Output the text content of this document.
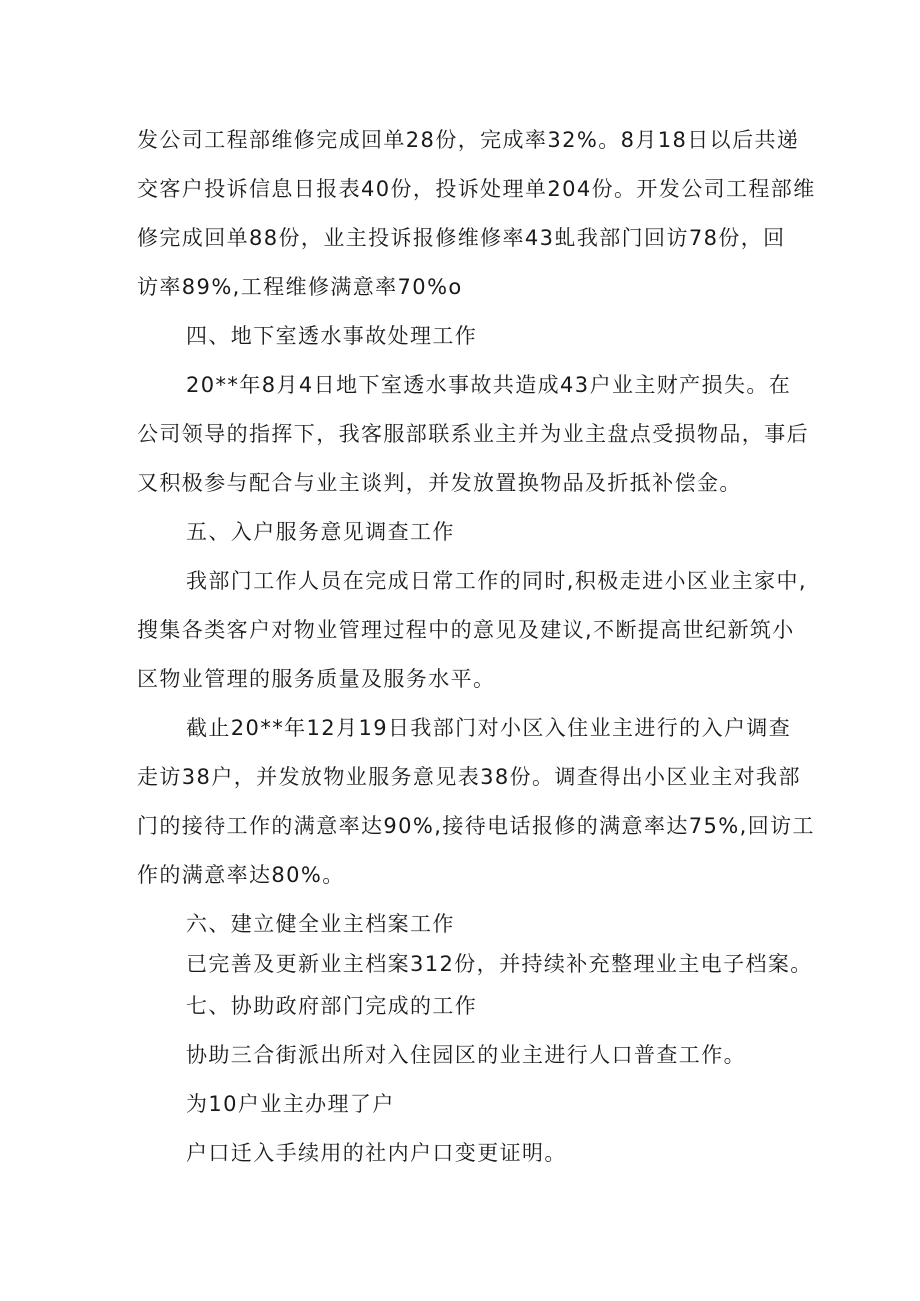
发公司工程部维修完成回单28份，完成率32%。8月18日以后共递
交客户投诉信息日报表40份，投诉处理单204份。开发公司工程部维
修完成回单88份，业主投诉报修维修率43虬我部门回访78份，回
访率89%,工程维修满意率70%o
四、地下室透水事故处理工作
20**年8月4日地下室透水事故共造成43户业主财产损失。在
公司领导的指挥下，我客服部联系业主并为业主盘点受损物品，事后
又积极参与配合与业主谈判，并发放置换物品及折抵补偿金。
五、入户服务意见调查工作
我部门工作人员在完成日常工作的同时,积极走进小区业主家中,
搜集各类客户对物业管理过程中的意见及建议,不断提高世纪新筑小
区物业管理的服务质量及服务水平。
截止20**年12月19日我部门对小区入住业主进行的入户调查
走访38户，并发放物业服务意见表38份。调查得出小区业主对我部
门的接待工作的满意率达90%,接待电话报修的满意率达75%,回访工
作的满意率达80%。
六、建立健全业主档案工作
已完善及更新业主档案312份，并持续补充整理业主电子档案。
七、协助政府部门完成的工作
协助三合街派出所对入住园区的业主进行人口普查工作。
为10户业主办理了户
户口迁入手续用的社内户口变更证明。
